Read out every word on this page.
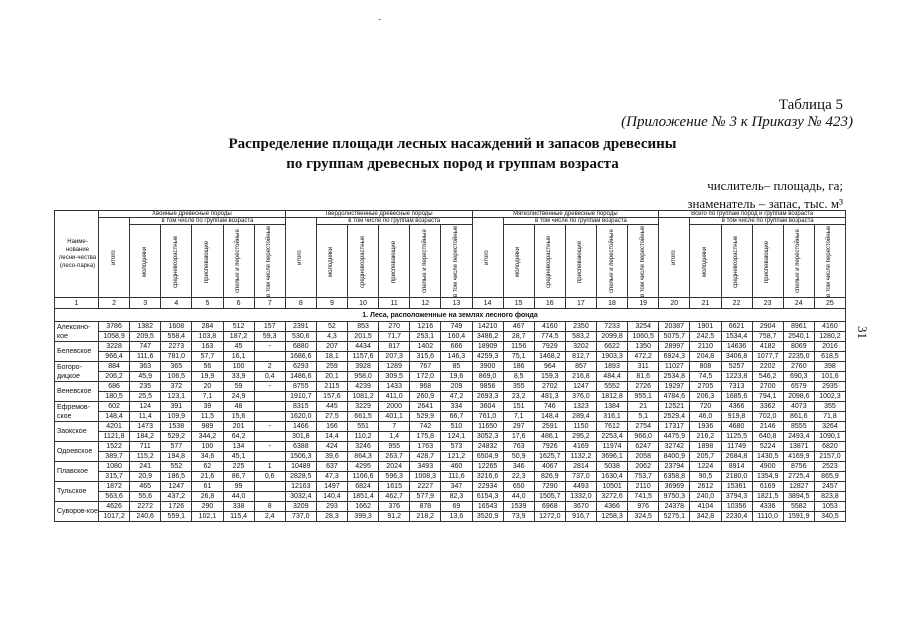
-
Таблица 5
(Приложение № 3 к Приказу № 423)
Распределение площади лесных насаждений и запасов древесины
по группам древесных пород и группам возраста
числитель– площадь, га;
знаменатель – запас, тыс. м³
31
Наиме-нование лесни-чества (лесо-парка)	Хвойные древесные породы						Твердолиственные древесные породы						Мягколиственные древесные породы						Всего по группам пород и группам возраста					
	итого	в том числе по группам возраста					итого	в том числе по группам возраста					итого	в том числе по группам возраста					итого	в том числе по группам возраста				
		молодняки	средневозрастные	приспевающие	спелые и перестойные	в том числе перестойные		молодняки	средневозрастные	приспевающие	спелые и перестойные	в том числе перестойные		молодняки	средневозрастные	приспевающие	спелые и перестойные	в том числе перестойные		молодняки	средневозрастные	приспевающие	спелые и перестойные	в том числе перестойные
1	2	3	4	5	6	7	8	9	10	11	12	13	14	15	16	17	18	19	20	21	22	23	24	25
1. Леса, расположенные на землях лесного фонда																								
Алексино-кое	3786	1382	1608	284	512	157	2391	52	853	270	1216	749	14210	467	4160	2350	7233	3254	20387	1901	6621	2904	8961	4160
	1058,9	209,5	558,4	103,8	187,2	59,3	530,6	4,3	201,5	71,7	253,1	160,4	3486,2	28,7	774,5	583,2	2099,8	1060,5	5075,7	242,5	1534,4	758,7	2540,1	1280,2
Белевское	3228	747	2273	163	45	-	6880	207	4434	817	1402	666	18909	1156	7929	3202	6622	1350	28997	2110	14636	4182	8069	2016
	966,4	111,6	781,0	57,7	16,1		1686,6	18,1	1157,6	207,3	315,6	146,3	4259,3	75,1	1468,2	812,7	1903,3	472,2	6924,3	204,8	3406,8	1077,7	2235,0	618,5
Богоро-дицкое	884	363	365	56	100	2	6293	259	3928	1289	767	85	3900	186	964	857	1893	311	11027	808	5257	2202	2760	398
	206,2	45,9	106,5	19,9	33,9	0,4	1486,6	20,1	958,0	309,5	172,0	19,6	869,0	8,5	159,3	216,8	484,4	81,6	2534,8	74,5	1223,8	546,2	690,3	101,6
Веневское	686	235	372	20	59	-	8755	2115	4239	1433	968	209	9856	355	2702	1247	5552	2726	19297	2705	7313	2700	6579	2935
	180,5	25,5	123,1	7,1	24,9		1910,7	157,6	1081,2	411,0	260,9	47,2	2693,3	23,2	481,3	376,0	1812,8	955,1	4784,6	206,3	1685,6	794,1	2098,6	1002,3
Ефремов-ское	602	124	391	39	48		8315	445	3229	2000	2641	334	3604	151	746	1323	1384	21	12521	720	4366	3362	4073	355
	148,4	11,4	109,9	11,5	15,6		1620,0	27,5	661,5	401,1	529,9	66,7	761,0	7,1	148,4	289,4	316,1	5,1	2529,4	46,0	919,8	702,0	861,6	71,8
Заокское	4201	1473	1538	989	201	-	1466	166	551	7	742	510	11650	297	2591	1150	7612	2754	17317	1936	4680	2146	8555	3264
	1121,8	184,2	529,2	344,2	64,2		301,8	14,4	110,2	1,4	175,8	124,1	3052,3	17,6	486,1	295,2	2253,4	966,0	4475,9	216,2	1125,5	640,8	2493,4	1090,1
Одоевское	1522	711	577	100	134	-	6388	424	3246	955	1763	573	24832	763	7926	4169	11974	6247	32742	1898	11749	5224	13871	6820
	389,7	115,2	194,8	34,6	45,1		1506,3	39,6	864,3	263,7	428,7	121,2	6504,9	50,9	1625,7	1132,2	3696,1	2058	8400,9	205,7	2684,8	1430,5	4169,9	2157,0
Плавское	1080	241	552	62	225	1	10489	637	4295	2024	3493	460	12265	346	4067	2814	5038	2062	23794	1224	8914	4900	8756	2523
	315,7	20,9	186,5	21,6	86,7	0,6	2828,5	47,3	1166,6	596,3	1008,3	111,6	3216,6	22,3	826,9	737,0	1630,4	753,7	6358,8	90,5	2180,0	1354,9	2725,4	865,9
Тульское	1872	465	1247	61	99		12163	1497	6824	1615	2227	347	22934	650	7290	4493	10501	2110	36969	2612	15361	6169	12827	2457
	563,6	55,6	437,2	26,8	44,0		3032,4	140,4	1851,4	462,7	577,9	82,3	6154,3	44,0	1505,7	1332,0	3272,6	741,5	9750,3	240,0	3794,3	1821,5	3894,5	823,8
Суворов-кое	4626	2272	1726	290	338	8	3209	293	1662	376	878	69	16543	1539	6968	3670	4366	976	24378	4104	10356	4336	5582	1053
	1017,2	240,6	559,1	102,1	115,4	2,4	737,0	28,3	399,3	91,2	218,2	13,6	3520,9	73,9	1272,0	916,7	1258,3	324,5	5275,1	342,8	2230,4	1110,0	1591,9	340,5
